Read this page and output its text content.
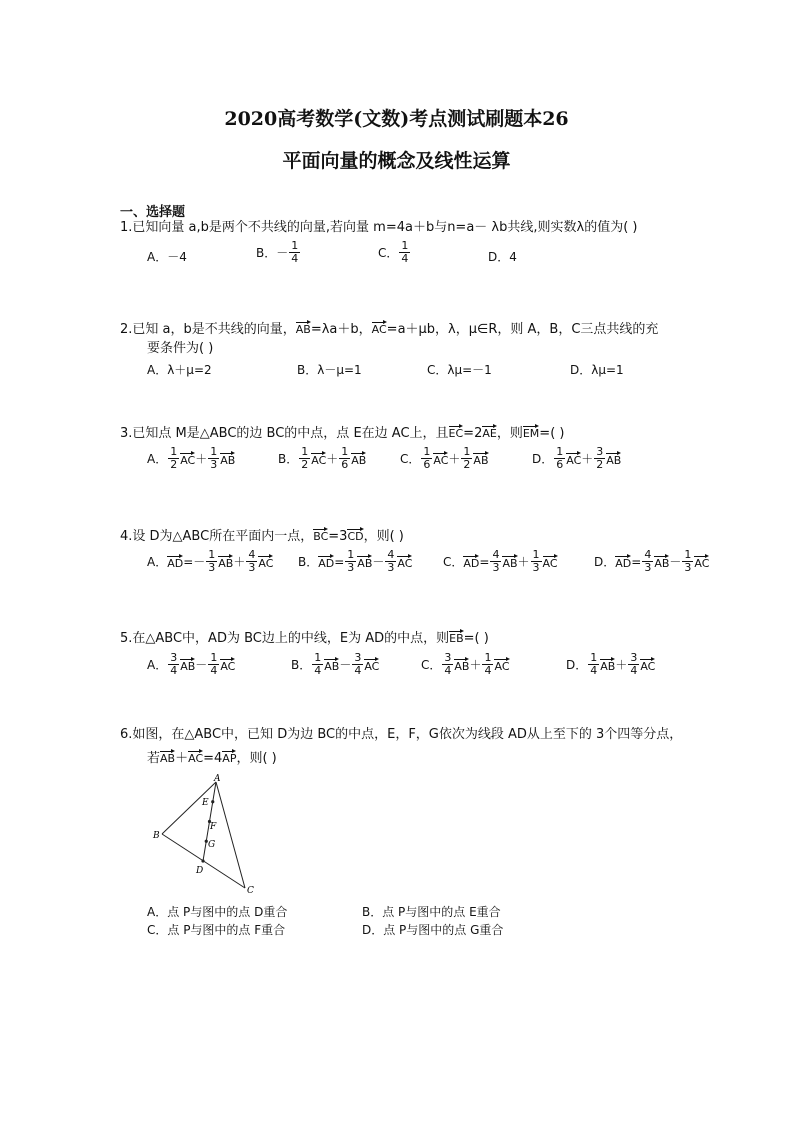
2020高考数学(文数)考点测试刷题本26
平面向量的概念及线性运算
一、选择题
1.已知向量 a,b是两个不共线的向量,若向量 m=4a＋b与n=a－ λb共线,则实数λ的值为( )
A．－4	B．－ $\frac{1}{4}$	C． $\frac{1}{4}$	D．4
2.已知 a，b是不共线的向量，AB=λa＋b，AC=a＋μb，λ，μ∈R，则 A，B，C三点共线的充
要条件为( )
A．λ＋μ=2	B．λ－μ=1	C．λμ=－1	D．λμ=1
3.已知点 M是△ABC的边 BC的中点，点 E在边 AC上，且EC=2AE，则EM=( )
A． $\frac{1}{2}$ AC ＋ $\frac{1}{3}$ AB	B． $\frac{1}{2}$ AC ＋ $\frac{1}{6}$ AB	C． $\frac{1}{6}$ AC ＋ $\frac{1}{2}$ AB	D． $\frac{1}{6}$ AC ＋ $\frac{3}{2}$ AB
4.设 D为△ABC所在平面内一点，BC=3CD，则( )
A． AD =－ $\frac{1}{3}$ AB ＋ $\frac{4}{3}$ AC B． AD = $\frac{1}{3}$ AB － $\frac{4}{3}$ AC	C． AD = $\frac{4}{3}$ AB ＋ $\frac{1}{3}$ AC	D． AD = $\frac{4}{3}$ AB － $\frac{1}{3}$ AC
5.在△ABC中，AD为 BC边上的中线，E为 AD的中点，则EB=( )
A． $\frac{3}{4}$ AB － $\frac{1}{4}$ AC	B． $\frac{1}{4}$ AB － $\frac{3}{4}$ AC	C． $\frac{3}{4}$ AB ＋ $\frac{1}{4}$ AC	D． $\frac{1}{4}$ AB ＋ $\frac{3}{4}$ AC
6.如图，在△ABC中，已知 D为边 BC的中点，E，F，G依次为线段 AD从上至下的 3个四等分点，
若AB＋AC=4AP，则( )
A
B
C
D
E
F
G
A．点 P与图中的点 D重合	B．点 P与图中的点 E重合
C．点 P与图中的点 F重合	D．点 P与图中的点 G重合
